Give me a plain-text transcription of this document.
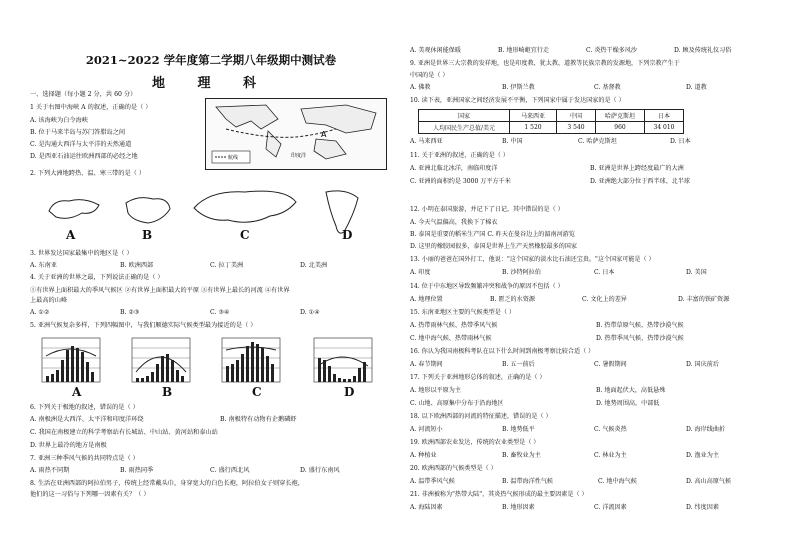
2021~2022 学年度第二学期八年级期中测试卷
地 理 科
一、选择题（每小题 2 分，共 60 分）
1 关于右图中海峡 A 的叙述，正确的是（ ）
A. 该海峡为白令海峡
B. 位于马来半岛与苏门答腊岛之间
C. 是沟通大西洋与太平洋的天然通道
D. 是西亚石油运往欧洲西部的必经之地	航线
A
印度洋
2. 下列大洲地跨热、温、寒三带的是（ ）
A	B	C	D
3. 世界发达国家最集中的地区是（ ）
A. 东南亚	B. 欧洲西部	C. 拉丁美洲	D. 北美洲
4. 关于亚洲的世界之最，下列说法正确的是（ ）
①有世界上面积最大的季风气候区 ②有世界上面积最大的平原 ③有世界上最长的河流 ④有世界
上最高的山峰
A. ①②	B. ②③	C. ③④	D. ①④
5. 亚洲气候复杂多样，下列四幅图中，与我们顺德实际气候类型最为接近的是（ ）
A	B	C	D
6. 下列关于极地的叙述，错误的是（ ）
A. 南极洲是大西洋、太平洋和印度洋环绕	B. 南极特有动物有企鹅磷虾
C. 我国在南极建立的科学考察站有长城站、中山站、黄河站和泰山站
D. 世界上最冷的地方是南极
7. 亚洲三种季风气候的共同特点是（ ）
A. 雨热不同期	B. 雨热同季	C. 盛行西北风	D. 盛行东南风
8. 生活在亚洲西部的阿拉伯男子，传统上经常戴头巾，身穿宽大的白色长袍，阿拉伯女子则穿长袍，
他们的这一习俗与下列哪一因素有关？（ ）
A. 美观休闲能保暖	B. 地形崎岖宜行走	C. 炎热干燥多风沙	D. 顾及传统礼仪习俗
9. 亚洲是世界三大宗教的发祥地，也是印度教、犹太教、道教等民族宗教的发源地，下列宗教产生于
中国的是（ ）
A. 佛教	B. 伊斯兰教	C. 基督教	D. 道教
10. 读下表，亚洲国家之间经济发展不平衡，下列国家中属于发达国家的是（ ）
国家	马来西亚	中国	哈萨克斯坦	日本
人均国民生产总值/美元	1 520	3 540	960	34 010
A. 马来西亚	B. 中国	C. 哈萨克斯坦	D. 日本
11. 关于亚洲的叙述，正确的是（ ）
A. 亚洲北临北冰洋，南临印度洋	B. 亚洲是世界上跨经度最广的大洲
C. 亚洲的面积约是 3000 万平方千米	D. 亚洲绝大部分位于西半球、北半球
12. 小明在泰国旅游，并记下了日记，其中错误的是（ ）
A. 今天气温偏高，我换下了棉衣
B. 泰国是重要的稻米生产国 C. 昨天在曼谷边上的湄南河游览
D. 这里的橡胶园很多，泰国是世界上生产天然橡胶最多的国家
13. 小丽的爸爸在国外打工，他说："这个国家的淡水比石油还宝贵。"这个国家可能是（ ）
A. 印度	B. 沙特阿拉伯	C. 日本	D. 美国
14. 位于中东地区导致频繁冲突和战争的原因不包括（ ）
A. 地理位置	B. 匮乏的水资源	C. 文化上的差异	D. 丰富的铁矿资源
15. 东南亚地区主要的气候类型是（ ）
A. 热带雨林气候、热带季风气候	B. 热带草原气候、热带沙漠气候
C. 地中海气候、热带雨林气候	D. 热带季风气候、热带沙漠气候
16. 你认为我国南极科考队在以下什么时间到南极考察比较合适（ ）
A. 春节期间	B. 五一前后	C. 暑假期间	D. 国庆前后
17. 下列关于亚洲地形总体的叙述，正确的是（ ）
A. 地形以平原为主	B. 地面起伏大，高低悬殊
C. 山地、高原集中分布于沿海地区	D. 地势周围高，中部低
18. 以下欧洲西部的河流的特征描述，错误的是（ ）
A. 河流短小	B. 地势低平	C. 气候炎热	D. 海岸线曲折
19. 欧洲西部农业发达，传统的农业类型是（ ）
A. 种植业	B. 畜牧业为主	C. 林业为主	D. 渔业为主
20. 欧洲西部的气候类型是（ ）
A. 温带季风气候	B. 温带海洋性气候	C. 地中海气候	D. 高山高原气候
21. 非洲被称为"热带大陆"，其炎热气候形成的最主要因素是（ ）
A. 海陆因素	B. 地形因素	C. 洋流因素	D. 纬度因素
